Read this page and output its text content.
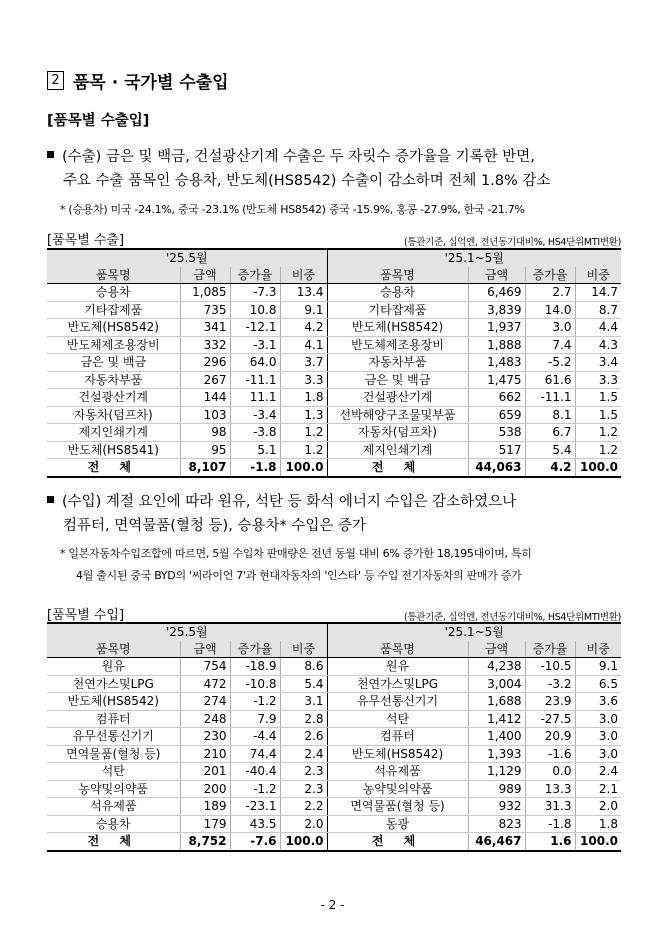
2 품목 · 국가별 수출입
[품목별 수출입]
(수출) 금은 및 백금, 건설광산기계 수출은 두 자릿수 증가율을 기록한 반면,
주요 수출 품목인 승용차, 반도체(HS8542) 수출이 감소하며 전체 1.8% 감소
* (승용차) 미국 -24.1%, 중국 -23.1% (반도체 HS8542) 중국 -15.9%, 홍콩 -27.9%, 한국 -21.7%
[품목별 수출]	(통관기준, 십억엔, 전년동기대비%, HS4단위MTI변환)
'25.5월				'25.1~5월			
품목명	금액	증가율	비중	품목명	금액	증가율	비중
승용차	1,085	-7.3	13.4	승용차	6,469	2.7	14.7
기타잡제품	735	10.8	9.1	기타잡제품	3,839	14.0	8.7
반도체(HS8542)	341	-12.1	4.2	반도체(HS8542)	1,937	3.0	4.4
반도체제조용장비	332	-3.1	4.1	반도체제조용장비	1,888	7.4	4.3
금은 및 백금	296	64.0	3.7	자동차부품	1,483	-5.2	3.4
자동차부품	267	-11.1	3.3	금은 및 백금	1,475	61.6	3.3
건설광산기계	144	11.1	1.8	건설광산기계	662	-11.1	1.5
자동차(덤프차)	103	-3.4	1.3	선박해양구조물및부품	659	8.1	1.5
제지인쇄기계	98	-3.8	1.2	자동차(덤프차)	538	6.7	1.2
반도체(HS8541)	95	5.1	1.2	제지인쇄기계	517	5.4	1.2
전 체	8,107	-1.8	100.0	전 체	44,063	4.2	100.0
(수입) 계절 요인에 따라 원유, 석탄 등 화석 에너지 수입은 감소하였으나
컴퓨터, 면역물품(혈청 등), 승용차* 수입은 증가
* 일본자동차수입조합에 따르면, 5월 수입차 판매량은 전년 동월 대비 6% 증가한 18,195대이며, 특히
4월 출시된 중국 BYD의 '씨라이언 7'과 현대자동차의 '인스타' 등 수입 전기자동차의 판매가 증가
[품목별 수입]	(통관기준, 십억엔, 전년동기대비%, HS4단위MTI변환)
'25.5월				'25.1~5월			
품목명	금액	증가율	비중	품목명	금액	증가율	비중
원유	754	-18.9	8.6	원유	4,238	-10.5	9.1
천연가스및LPG	472	-10.8	5.4	천연가스및LPG	3,004	-3.2	6.5
반도체(HS8542)	274	-1.2	3.1	유무선통신기기	1,688	23.9	3.6
컴퓨터	248	7.9	2.8	석탄	1,412	-27.5	3.0
유무선통신기기	230	-4.4	2.6	컴퓨터	1,400	20.9	3.0
면역물품(혈청 등)	210	74.4	2.4	반도체(HS8542)	1,393	-1.6	3.0
석탄	201	-40.4	2.3	석유제품	1,129	0.0	2.4
농약및의약품	200	-1.2	2.3	농약및의약품	989	13.3	2.1
석유제품	189	-23.1	2.2	면역물품(혈청 등)	932	31.3	2.0
승용차	179	43.5	2.0	동광	823	-1.8	1.8
전 체	8,752	-7.6	100.0	전 체	46,467	1.6	100.0
- 2 -
